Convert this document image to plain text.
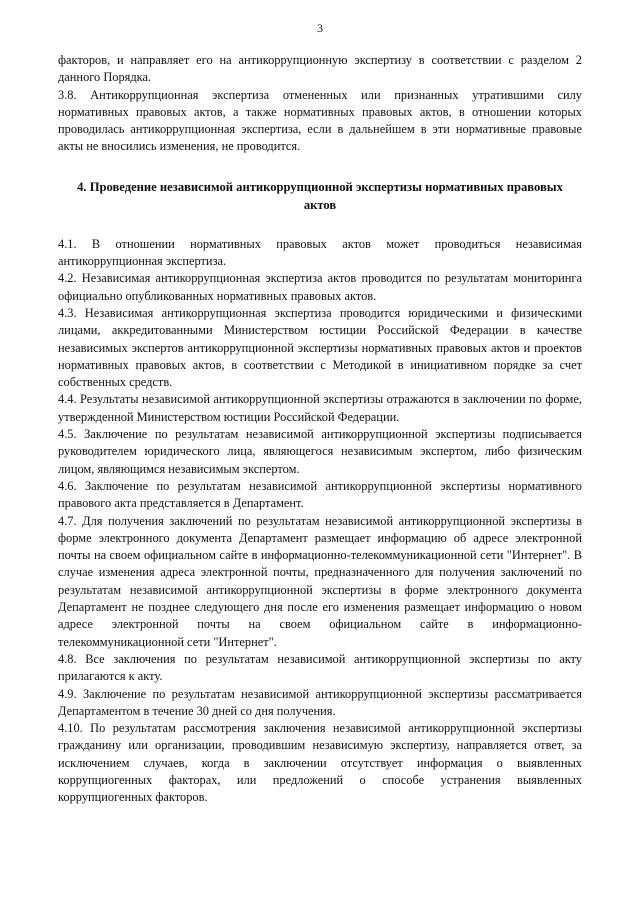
3

факторов, и направляет его на антикоррупционную экспертизу в соответствии с разделом 2 данного Порядка.

3.8. Антикоррупционная экспертиза отмененных или признанных утратившими силу нормативных правовых актов, а также нормативных правовых актов, в отношении которых проводилась антикоррупционная экспертиза, если в дальнейшем в эти нормативные правовые акты не вносились изменения, не проводится.

4. Проведение независимой антикоррупционной экспертизы нормативных правовых актов

4.1. В отношении нормативных правовых актов может проводиться независимая антикоррупционная экспертиза.

4.2. Независимая антикоррупционная экспертиза актов проводится по результатам мониторинга официально опубликованных нормативных правовых актов.

4.3. Независимая антикоррупционная экспертиза проводится юридическими и физическими лицами, аккредитованными Министерством юстиции Российской Федерации в качестве независимых экспертов антикоррупционной экспертизы нормативных правовых актов и проектов нормативных правовых актов, в соответствии с Методикой в инициативном порядке за счет собственных средств.

4.4. Результаты независимой антикоррупционной экспертизы отражаются в заключении по форме, утвержденной Министерством юстиции Российской Федерации.

4.5. Заключение по результатам независимой антикоррупционной экспертизы подписывается руководителем юридического лица, являющегося независимым экспертом, либо физическим лицом, являющимся независимым экспертом.

4.6. Заключение по результатам независимой антикоррупционной экспертизы нормативного правового акта представляется в Департамент.

4.7. Для получения заключений по результатам независимой антикоррупционной экспертизы в форме электронного документа Департамент размещает информацию об адресе электронной почты на своем официальном сайте в информационно-телекоммуникационной сети "Интернет". В случае изменения адреса электронной почты, предназначенного для получения заключений по результатам независимой антикоррупционной экспертизы в форме электронного документа Департамент не позднее следующего дня после его изменения размещает информацию о новом адресе электронной почты на своем официальном сайте в информационно-телекоммуникационной сети "Интернет".

4.8. Все заключения по результатам независимой антикоррупционной экспертизы по акту прилагаются к акту.

4.9. Заключение по результатам независимой антикоррупционной экспертизы рассматривается Департаментом в течение 30 дней со дня получения.

4.10. По результатам рассмотрения заключения независимой антикоррупционной экспертизы гражданину или организации, проводившим независимую экспертизу, направляется ответ, за исключением случаев, когда в заключении отсутствует информация о выявленных коррупциогенных факторах, или предложений о способе устранения выявленных коррупциогенных факторов.
